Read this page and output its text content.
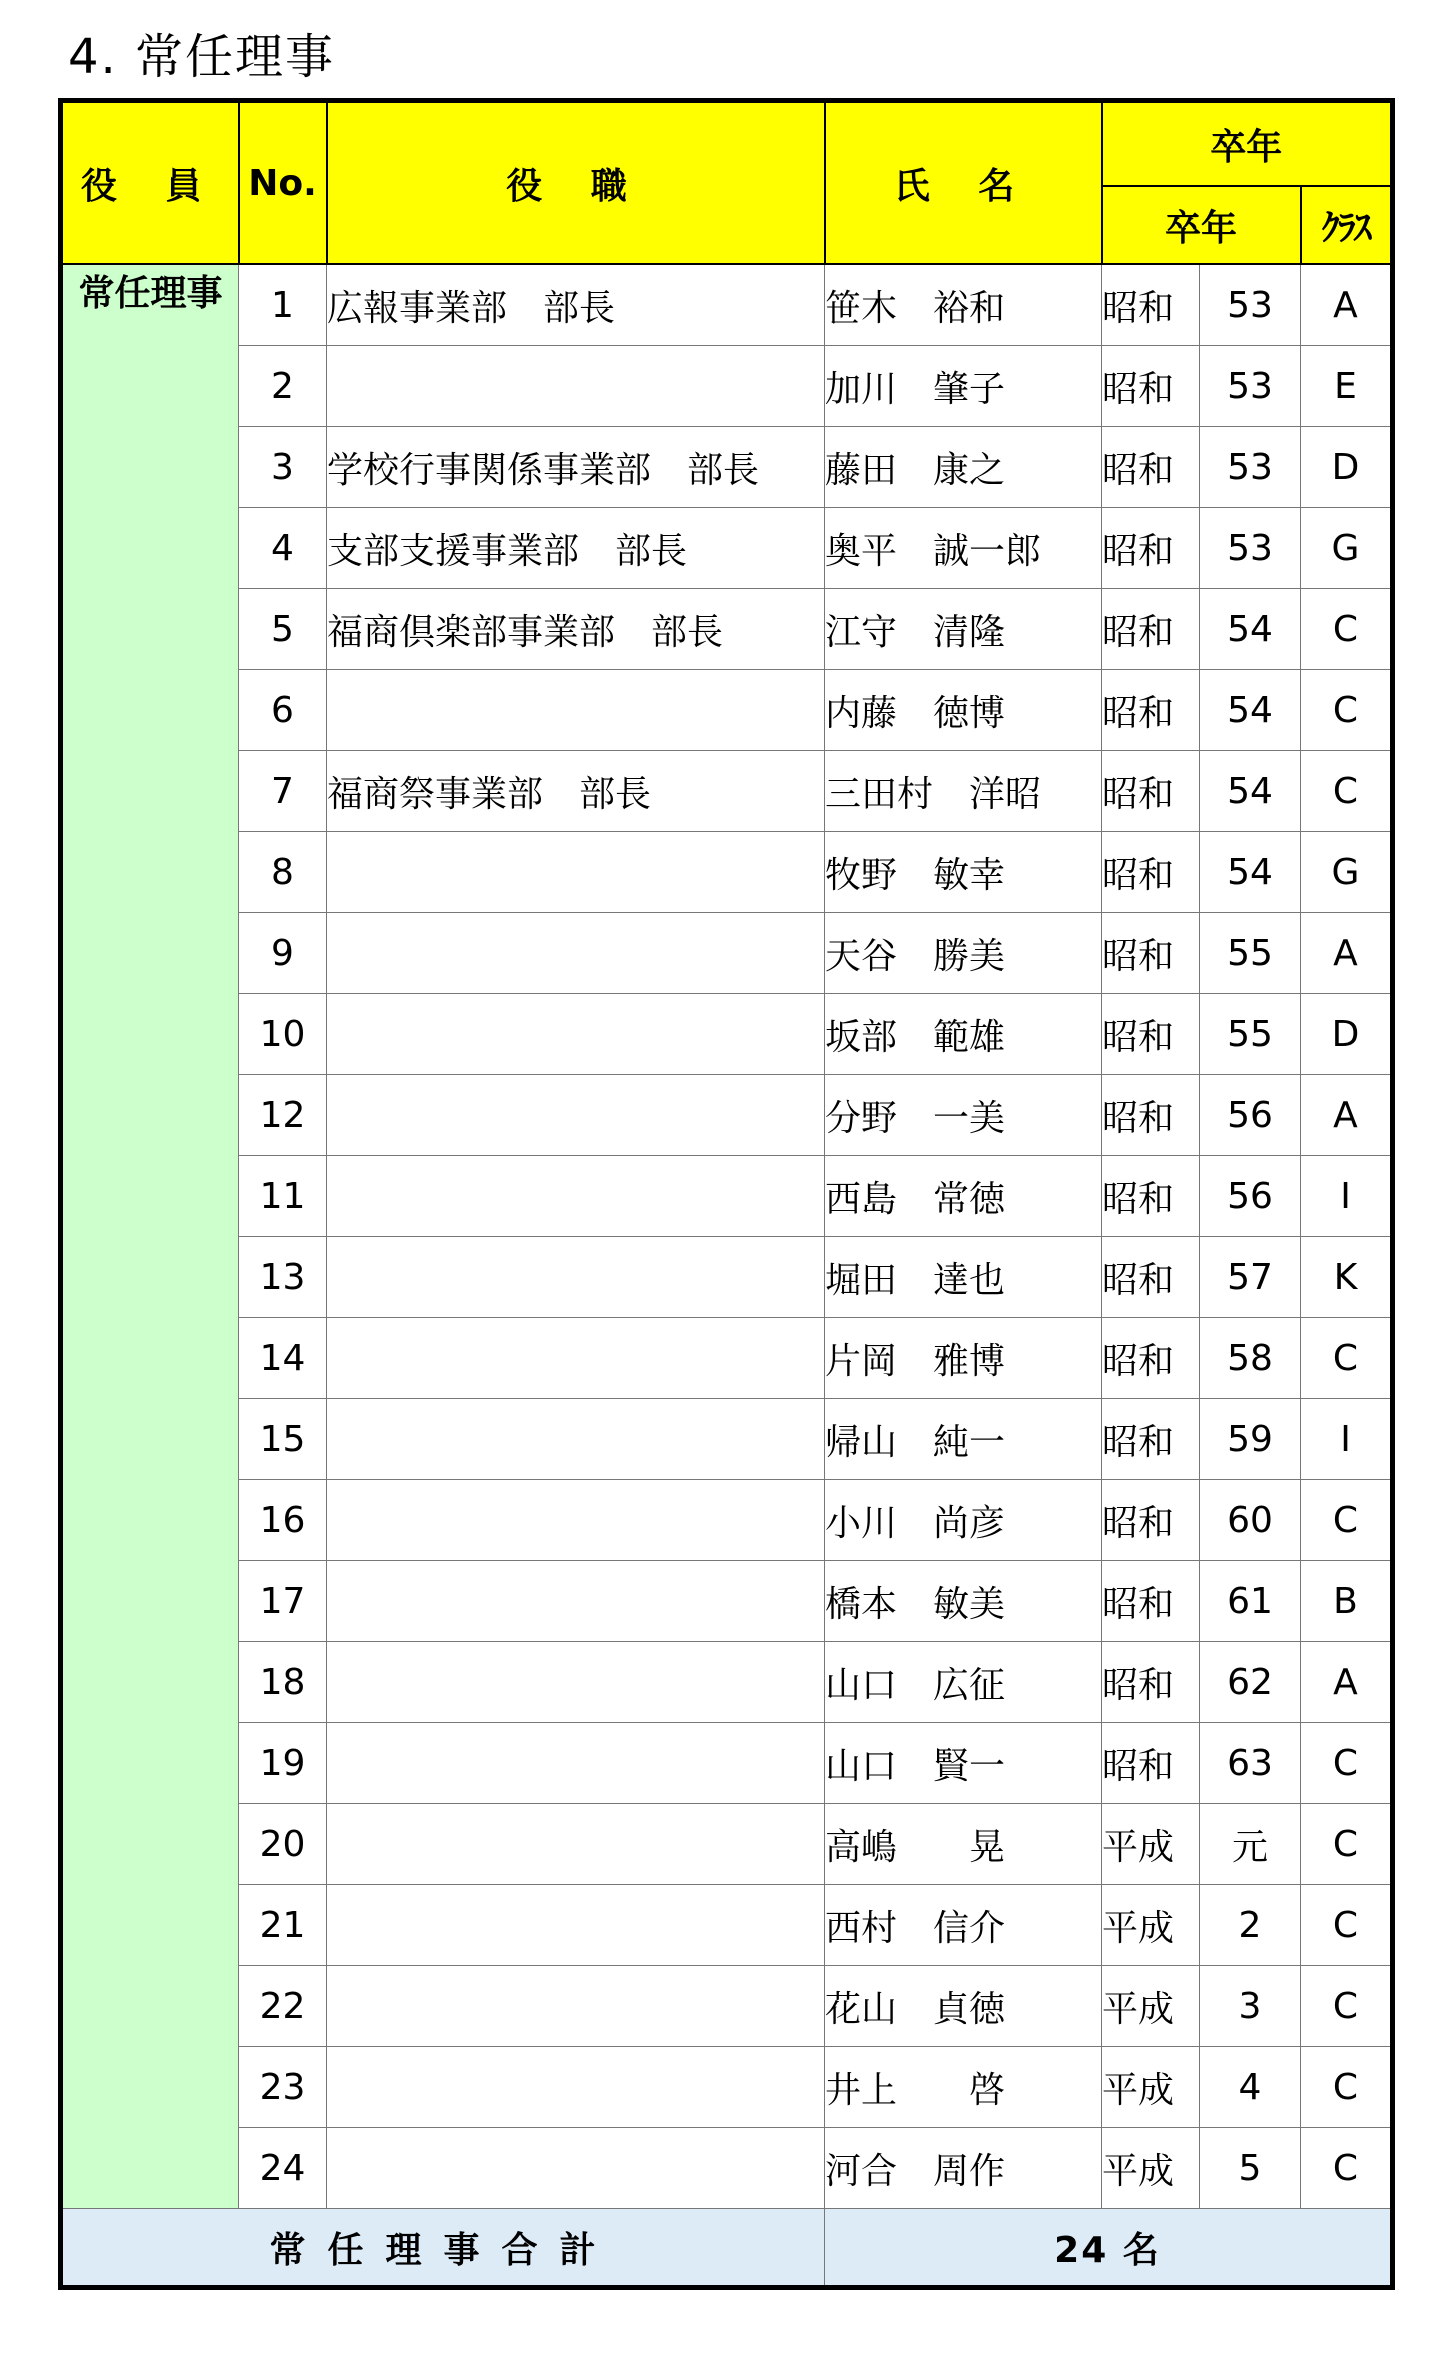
4. 常任理事
役 員	No.	役 職	氏 名	卒年		
				卒年		ｸﾗｽ
常任理事	1	広報事業部　部長	笹木　裕和	昭和	53	A
	2		加川　肇子	昭和	53	E
	3	学校行事関係事業部　部長	藤田　康之	昭和	53	D
	4	支部支援事業部　部長	奥平　誠一郎	昭和	53	G
	5	福商倶楽部事業部　部長	江守　清隆	昭和	54	C
	6		内藤　徳博	昭和	54	C
	7	福商祭事業部　部長	三田村　洋昭	昭和	54	C
	8		牧野　敏幸	昭和	54	G
	9		天谷　勝美	昭和	55	A
	10		坂部　範雄	昭和	55	D
	12		分野　一美	昭和	56	A
	11		西島　常徳	昭和	56	I
	13		堀田　達也	昭和	57	K
	14		片岡　雅博	昭和	58	C
	15		帰山　純一	昭和	59	I
	16		小川　尚彦	昭和	60	C
	17		橋本　敏美	昭和	61	B
	18		山口　広征	昭和	62	A
	19		山口　賢一	昭和	63	C
	20		高嶋　　晃	平成	元	C
	21		西村　信介	平成	2	C
	22		花山　貞徳	平成	3	C
	23		井上　　啓	平成	4	C
	24		河合　周作	平成	5	C
常任理事合計			24 名			
